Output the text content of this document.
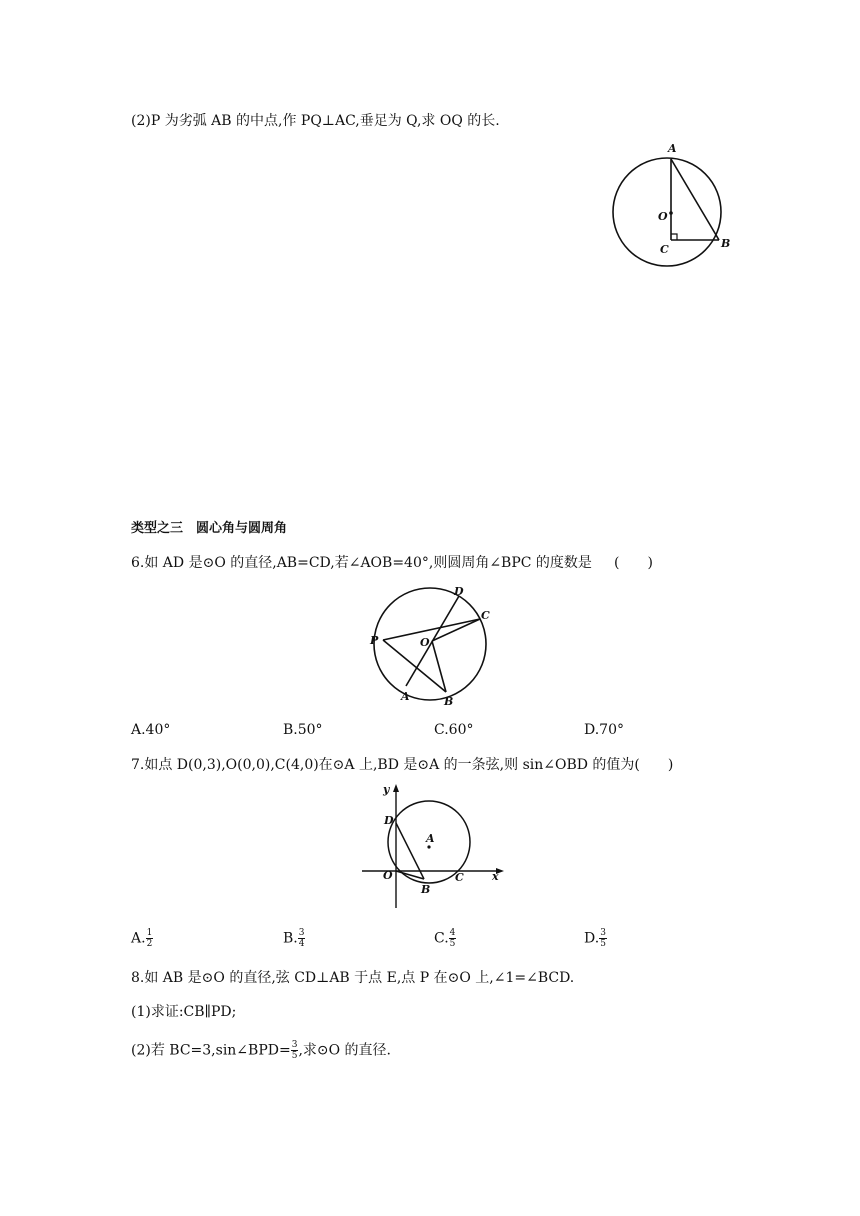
(2)P 为劣弧 AB 的中点,作 PQ⊥AC,垂足为 Q,求 OQ 的长.
A
O
C	B
类型之三　圆心角与圆周角
6.如 AD 是⊙O 的直径,AB=CD,若∠AOB=40°,则圆周角∠BPC 的度数是 (　　)
D
C
P	O
A	B
A.40°	B.50°	C.60°	D.70°
7.如点 D(0,3),O(0,0),C(4,0)在⊙A 上,BD 是⊙A 的一条弦,则 sin∠OBD 的值为(　　)
y
x
D
A
O
B
C
A. $\frac{1}{2}$	B. $\frac{3}{4}$	C. $\frac{4}{5}$	D. $\frac{3}{5}$
8.如 AB 是⊙O 的直径,弦 CD⊥AB 于点 E,点 P 在⊙O 上,∠1=∠BCD.
(1)求证:CB∥PD;
(2)若 BC=3,sin∠BPD= $\frac{3}{5}$ ,求⊙O 的直径.
